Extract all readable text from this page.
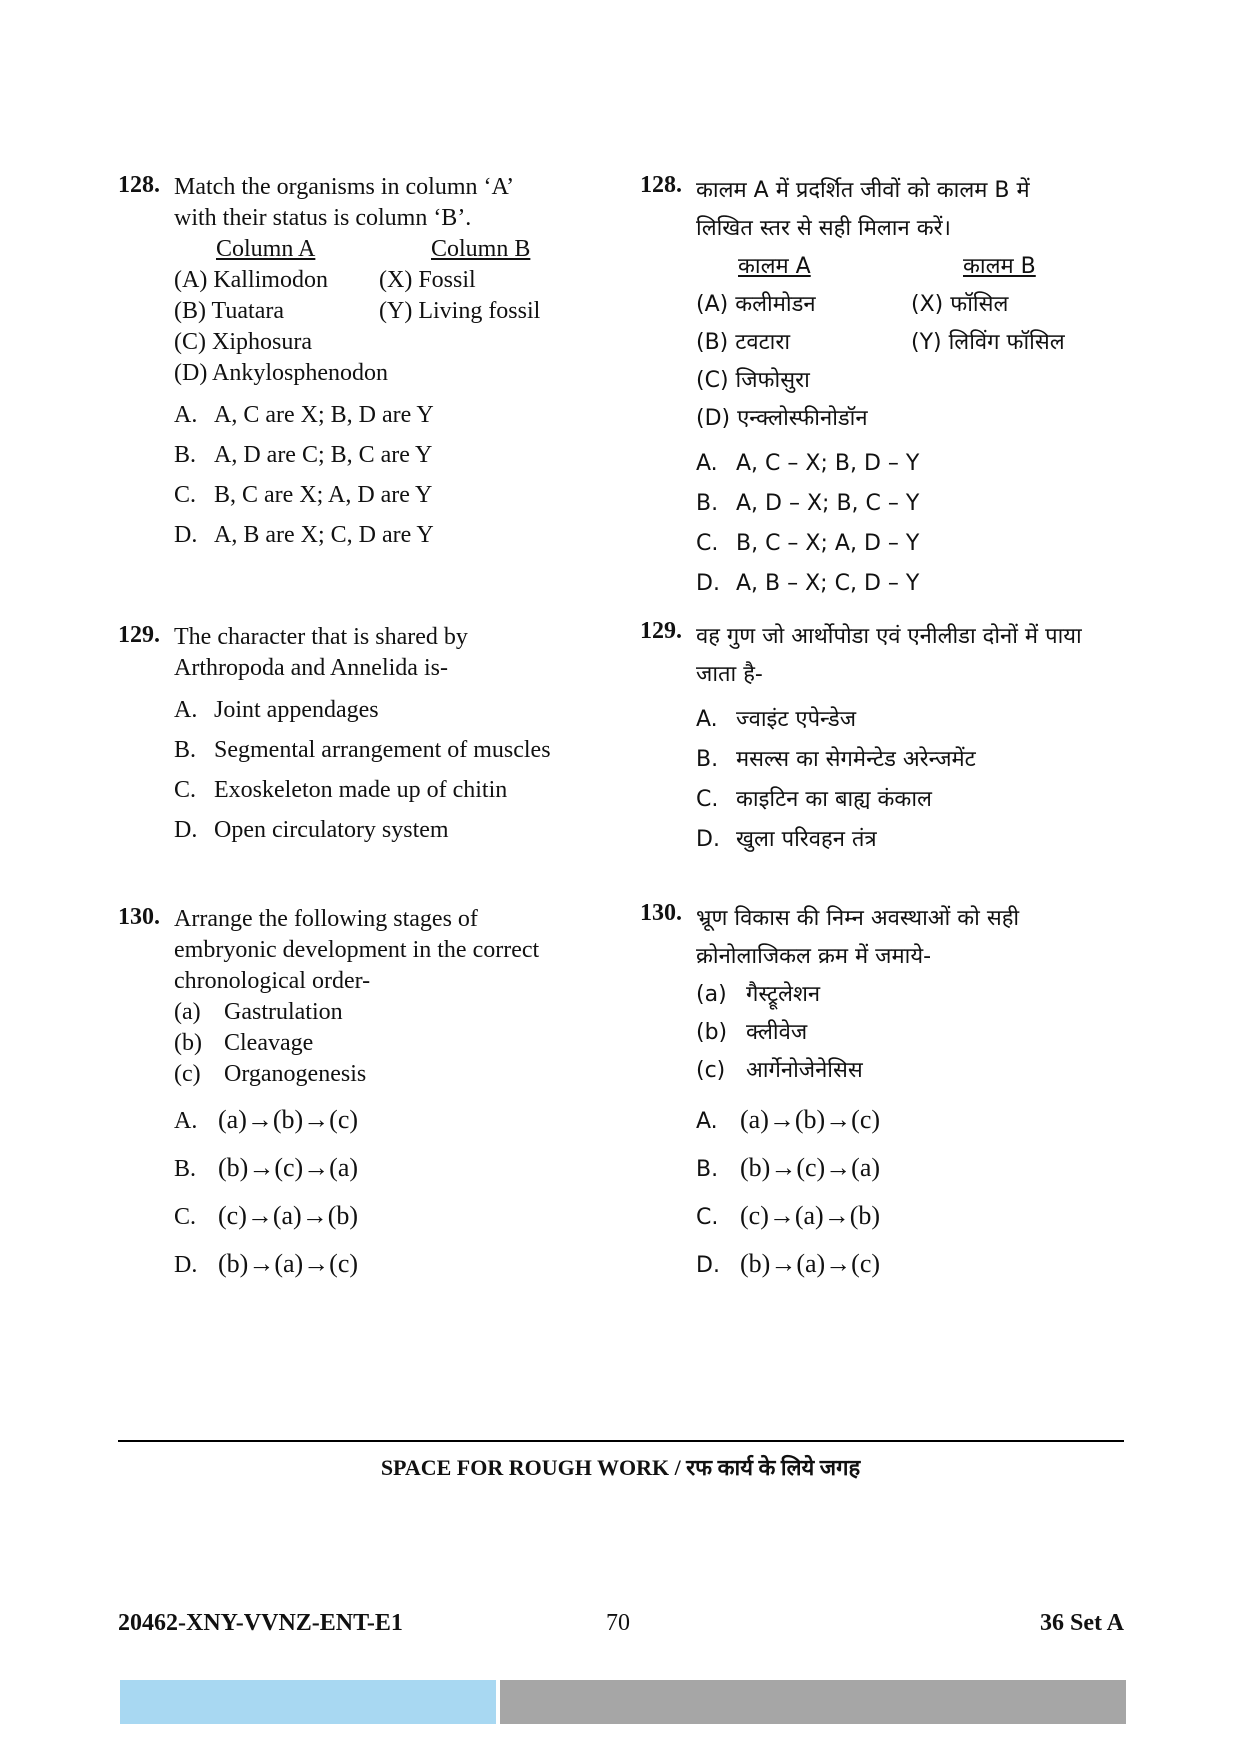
128. Match the organisms in column ‘A’
with their status is column ‘B’.
Column A	Column B
(A) Kallimodon	(X) Fossil
(B) Tuatara	(Y) Living fossil
(C) Xiphosura
(D) Ankylosphenodon
A. A, C are X; B, D are Y
B. A, D are C; B, C are Y
C. B, C are X; A, D are Y
D. A, B are X; C, D are Y
128. कालम A में प्रदर्शित जीवों को कालम B में
लिखित स्तर से सही मिलान करें।
कालम A	कालम B
(A) कलीमोडन	(X) फॉसिल
(B) टवटारा	(Y) लिविंग फॉसिल
(C) जिफोसुरा
(D) एन्क्लोस्फीनोडॉन
A. A, C – X; B, D – Y
B. A, D – X; B, C – Y
C. B, C – X; A, D – Y
D. A, B – X; C, D – Y
129. The character that is shared by
Arthropoda and Annelida is-
A. Joint appendages
B. Segmental arrangement of muscles
C. Exoskeleton made up of chitin
D. Open circulatory system
129. वह गुण जो आर्थोपोडा एवं एनीलीडा दोनों में पाया
जाता है-
A. ज्वाइंट एपेन्डेज
B. मसल्स का सेगमेन्टेड अरेन्जमेंट
C. काइटिन का बाह्य कंकाल
D. खुला परिवहन तंत्र
130. Arrange the following stages of
embryonic development in the correct
chronological order-
(a) Gastrulation
(b) Cleavage
(c) Organogenesis
A. (a)→(b)→(c)
B. (b)→(c)→(a)
C. (c)→(a)→(b)
D. (b)→(a)→(c)
130. भ्रूण विकास की निम्न अवस्थाओं को सही
क्रोनोलाजिकल क्रम में जमाये-
(a) गैस्ट्रूलेशन
(b) क्लीवेज
(c) आर्गेनोजेनेसिस
A. (a)→(b)→(c)
B. (b)→(c)→(a)
C. (c)→(a)→(b)
D. (b)→(a)→(c)
SPACE FOR ROUGH WORK / रफ कार्य के लिये जगह
20462-XNY-VVNZ-ENT-E1	70	36 Set A
